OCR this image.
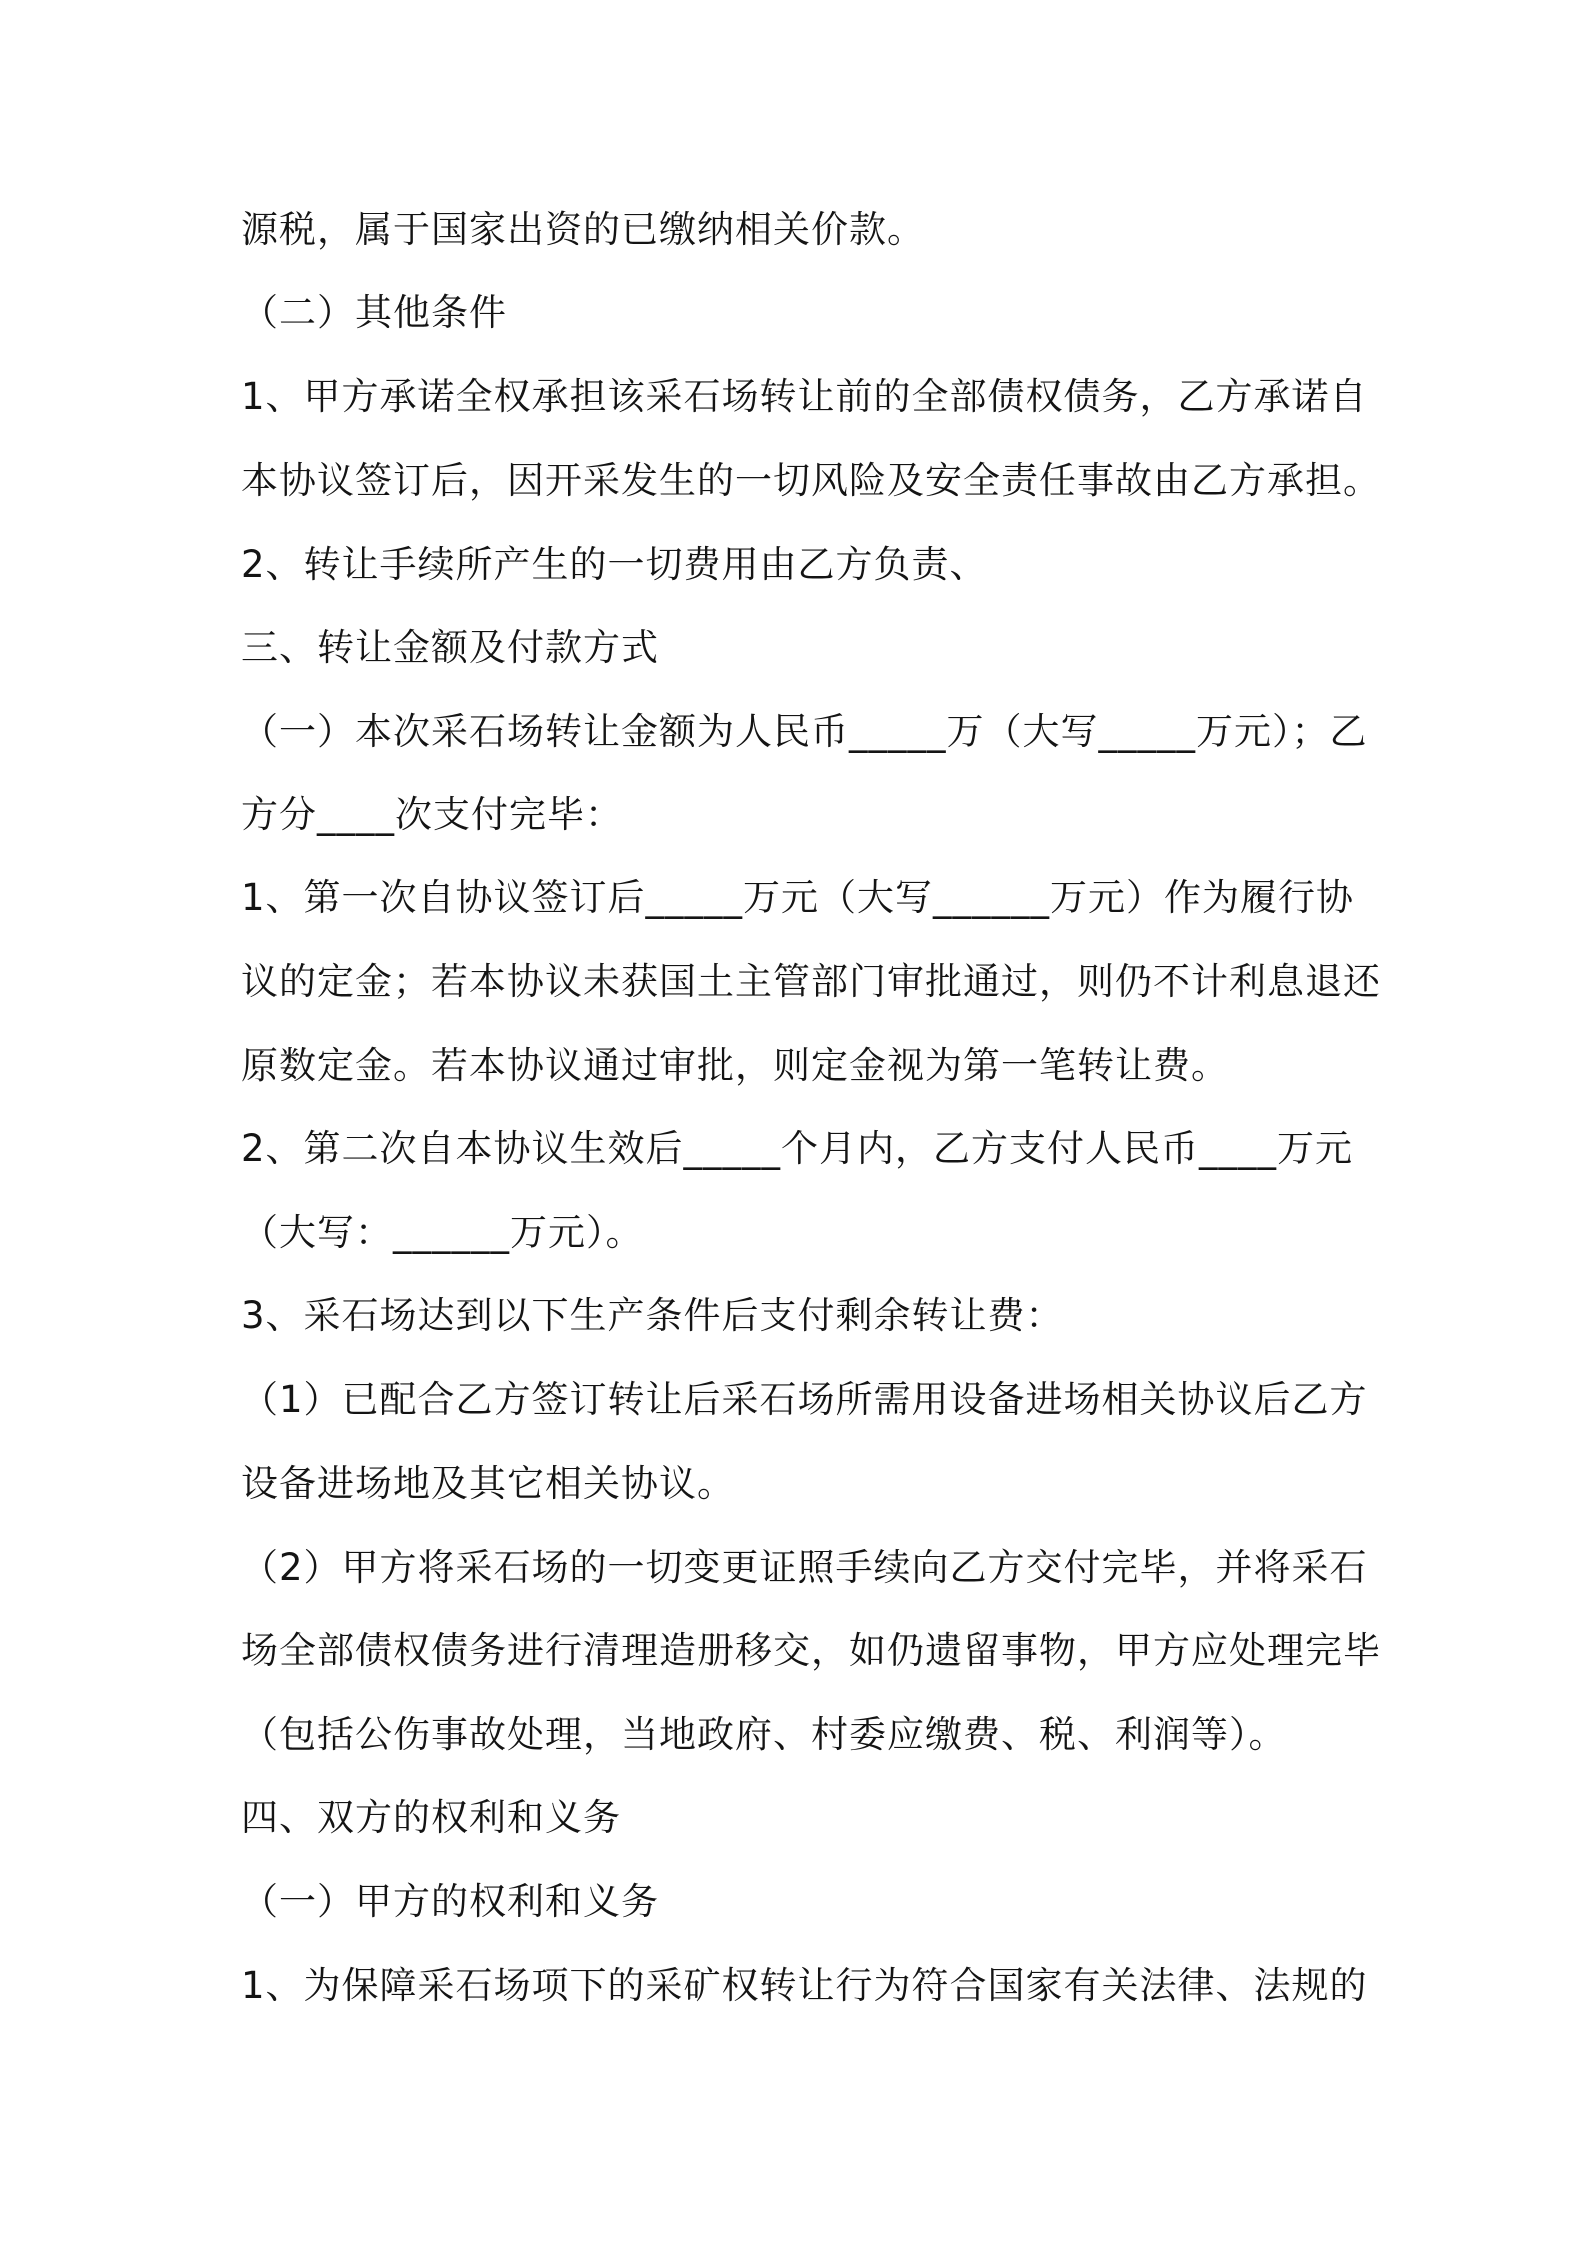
源税，属于国家出资的已缴纳相关价款。
（二）其他条件
1、甲方承诺全权承担该采石场转让前的全部债权债务，乙方承诺自
本协议签订后，因开采发生的一切风险及安全责任事故由乙方承担。
2、转让手续所产生的一切费用由乙方负责、
三、转让金额及付款方式
（一）本次采石场转让金额为人民币_____万（大写_____万元）；乙
方分____次支付完毕：
1、第一次自协议签订后_____万元（大写______万元）作为履行协
议的定金；若本协议未获国土主管部门审批通过，则仍不计利息退还
原数定金。若本协议通过审批，则定金视为第一笔转让费。
2、第二次自本协议生效后_____个月内，乙方支付人民币____万元
（大写：______万元）。
3、采石场达到以下生产条件后支付剩余转让费：
（1）已配合乙方签订转让后采石场所需用设备进场相关协议后乙方
设备进场地及其它相关协议。
（2）甲方将采石场的一切变更证照手续向乙方交付完毕，并将采石
场全部债权债务进行清理造册移交，如仍遗留事物，甲方应处理完毕
（包括公伤事故处理，当地政府、村委应缴费、税、利润等）。
四、双方的权利和义务
（一）甲方的权利和义务
1、为保障采石场项下的采矿权转让行为符合国家有关法律、法规的
